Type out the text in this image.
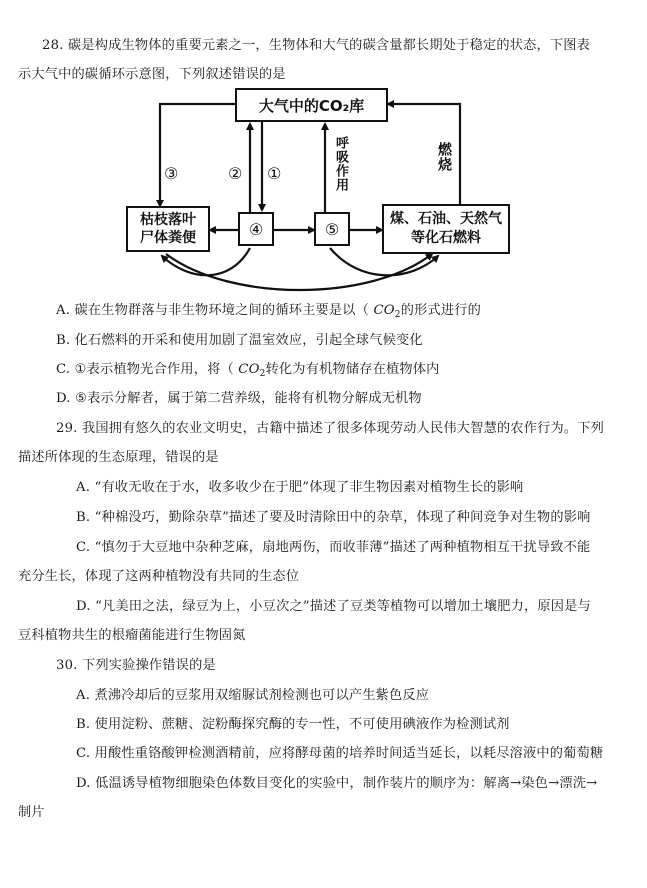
28. 碳是构成生物体的重要元素之一，生物体和大气的碳含量都长期处于稳定的状态，下图表
示大气中的碳循环示意图，下列叙述错误的是
大气中的CO₂库
枯枝落叶
尸体粪便	④	⑤
煤、石油、天然气
等化石燃料
③	② ①	呼吸作用	燃烧
A. 碳在生物群落与非生物环境之间的循环主要是以（ $CO_2$的形式进行的
B. 化石燃料的开采和使用加剧了温室效应，引起全球气候变化
C. ①表示植物光合作用，将（ $CO_2$转化为有机物储存在植物体内
D. ⑤表示分解者，属于第二营养级，能将有机物分解成无机物
29. 我国拥有悠久的农业文明史，古籍中描述了很多体现劳动人民伟大智慧的农作行为。下列
描述所体现的生态原理，错误的是
A. “有收无收在于水，收多收少在于肥”体现了非生物因素对植物生长的影响
B. “种棉没巧，勤除杂草”描述了要及时清除田中的杂草，体现了种间竞争对生物的影响
C. “慎勿于大豆地中杂种芝麻，扇地两伤，而收菲薄”描述了两种植物相互干扰导致不能
充分生长，体现了这两种植物没有共同的生态位
D. “凡美田之法，绿豆为上，小豆次之”描述了豆类等植物可以增加土壤肥力，原因是与
豆科植物共生的根瘤菌能进行生物固氮
30. 下列实验操作错误的是
A. 煮沸冷却后的豆浆用双缩脲试剂检测也可以产生紫色反应
B. 使用淀粉、蔗糖、淀粉酶探究酶的专一性，不可使用碘液作为检测试剂
C. 用酸性重铬酸钾检测酒精前，应将酵母菌的培养时间适当延长，以耗尽溶液中的葡萄糖
D. 低温诱导植物细胞染色体数目变化的实验中，制作装片的顺序为：解离→染色→漂洗→
制片
